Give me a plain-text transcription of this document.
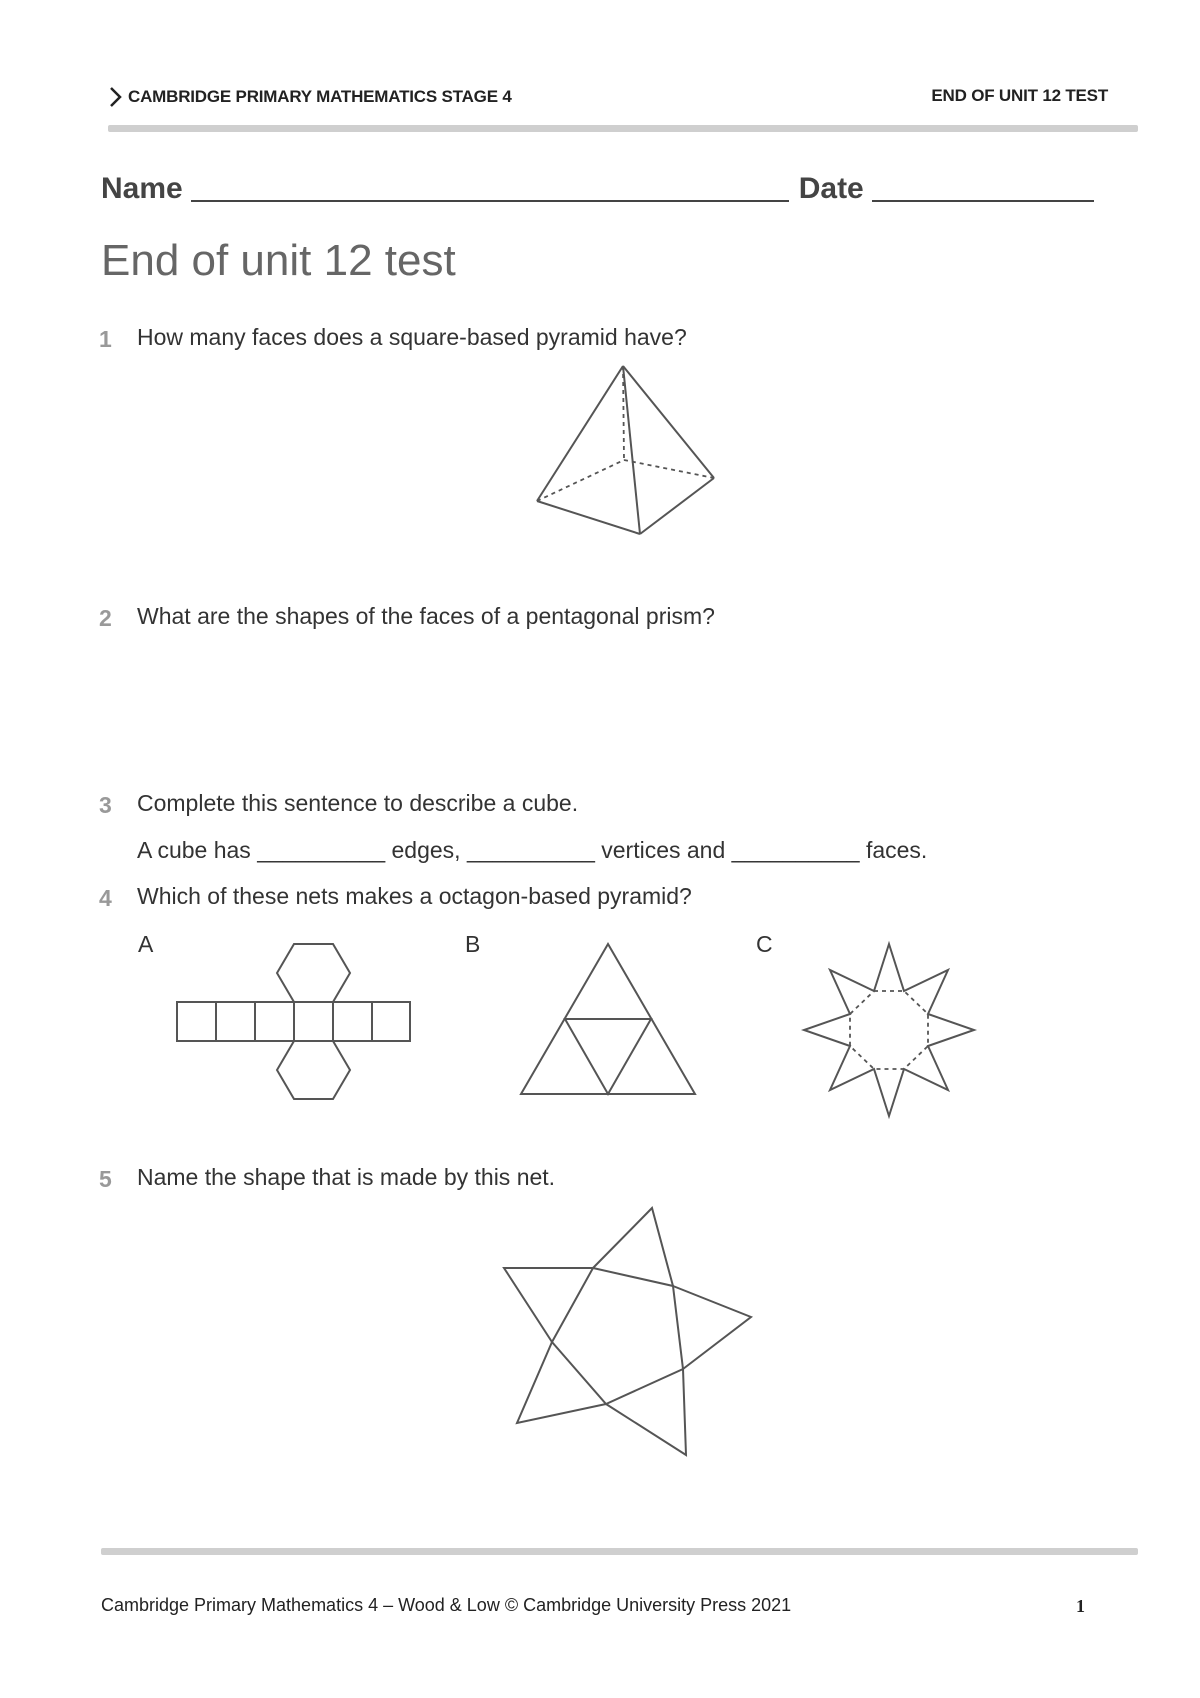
CAMBRIDGE PRIMARY MATHEMATICS STAGE 4	END OF UNIT 12 TEST
Name	Date
End of unit 12 test
1 How many faces does a square-based pyramid have?
2 What are the shapes of the faces of a pentagonal prism?
3 Complete this sentence to describe a cube.
A cube has __________ edges, __________ vertices and __________ faces.
4 Which of these nets makes a octagon-based pyramid?
A	B	C
5 Name the shape that is made by this net.
Cambridge Primary Mathematics 4 – Wood & Low © Cambridge University Press 2021	1
